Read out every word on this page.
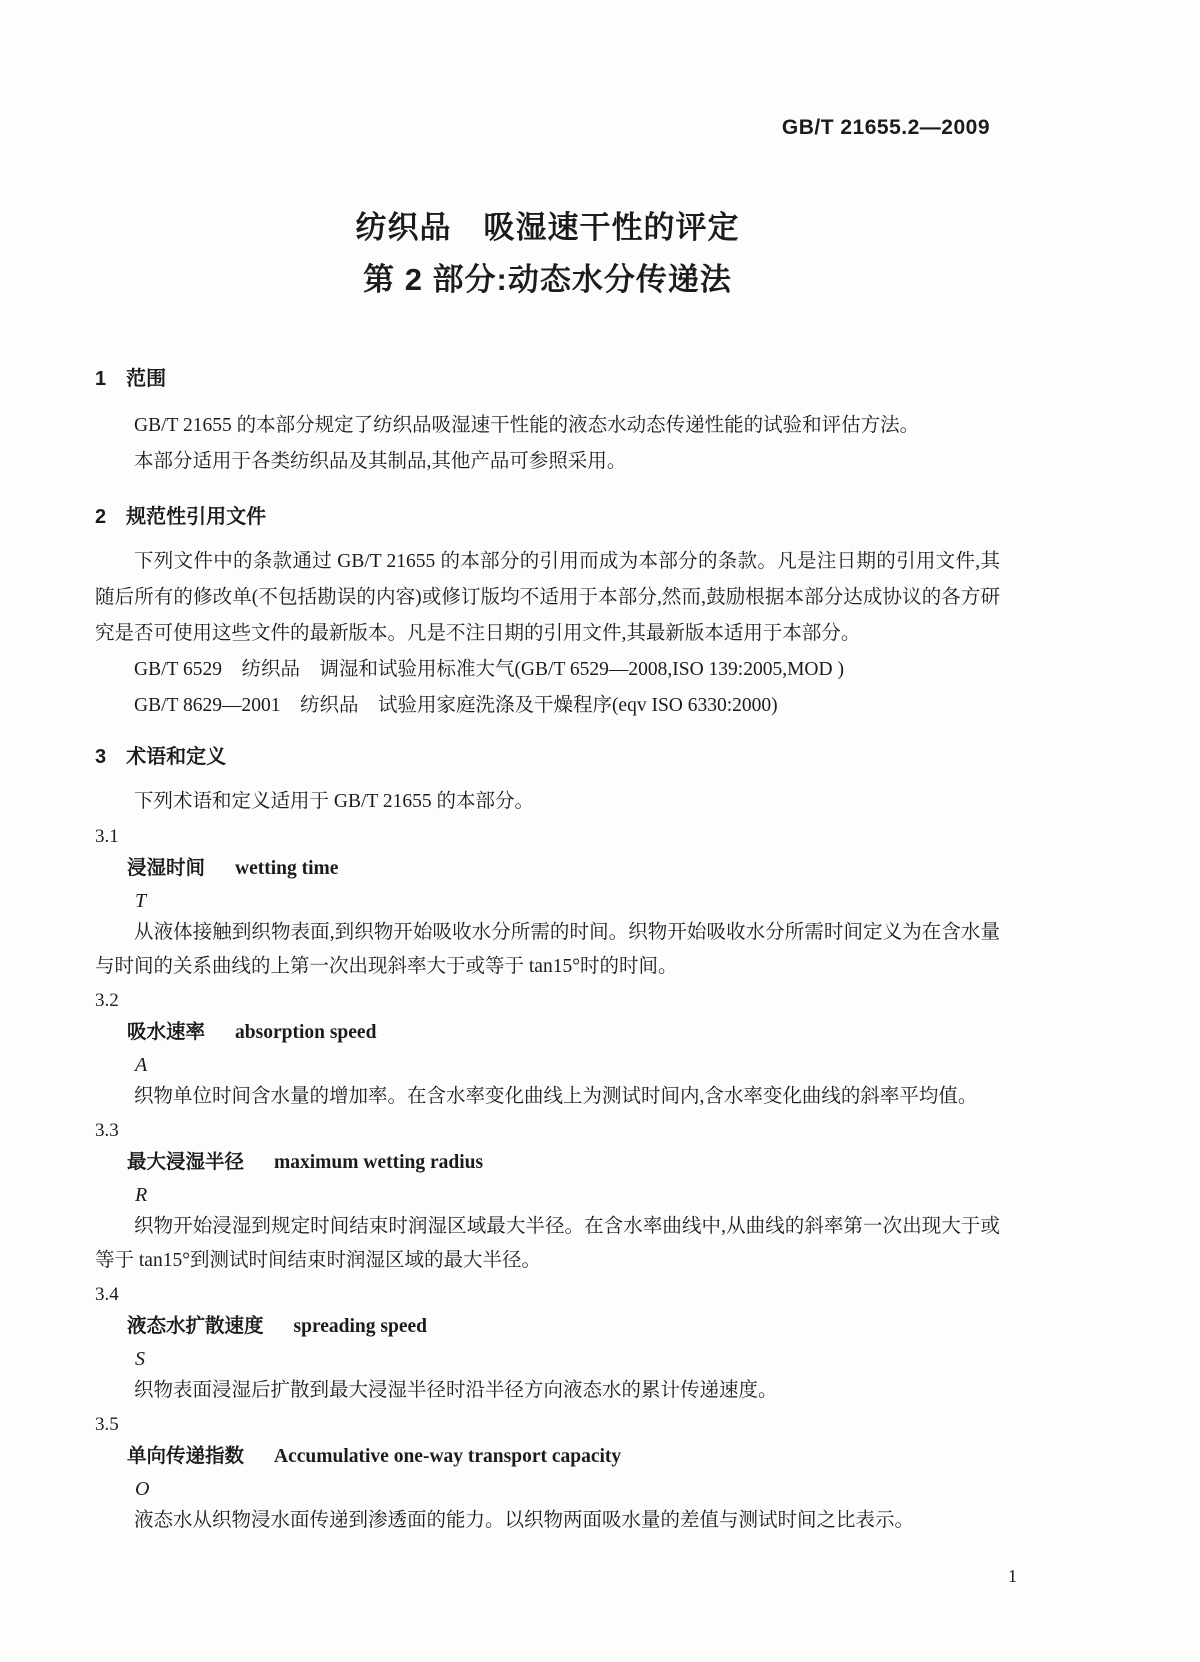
GB/T 21655.2—2009
纺织品　吸湿速干性的评定
第 2 部分:动态水分传递法
1　范围

GB/T 21655 的本部分规定了纺织品吸湿速干性能的液态水动态传递性能的试验和评估方法。

本部分适用于各类纺织品及其制品,其他产品可参照采用。

2　规范性引用文件

下列文件中的条款通过 GB/T 21655 的本部分的引用而成为本部分的条款。凡是注日期的引用文件,其随后所有的修改单(不包括勘误的内容)或修订版均不适用于本部分,然而,鼓励根据本部分达成协议的各方研究是否可使用这些文件的最新版本。凡是不注日期的引用文件,其最新版本适用于本部分。

GB/T 6529　纺织品　调湿和试验用标准大气(GB/T 6529—2008,ISO 139:2005,MOD )
GB/T 8629—2001　纺织品　试验用家庭洗涤及干燥程序(eqv ISO 6330:2000)
3　术语和定义

下列术语和定义适用于 GB/T 21655 的本部分。

3.1
浸湿时间 wetting time
T

从液体接触到织物表面,到织物开始吸收水分所需的时间。织物开始吸收水分所需时间定义为在含水量与时间的关系曲线的上第一次出现斜率大于或等于 tan15°时的时间。

3.2
吸水速率 absorption speed
A

织物单位时间含水量的增加率。在含水率变化曲线上为测试时间内,含水率变化曲线的斜率平均值。

3.3
最大浸湿半径 maximum wetting radius
R

织物开始浸湿到规定时间结束时润湿区域最大半径。在含水率曲线中,从曲线的斜率第一次出现大于或等于 tan15°到测试时间结束时润湿区域的最大半径。

3.4
液态水扩散速度 spreading speed
S

织物表面浸湿后扩散到最大浸湿半径时沿半径方向液态水的累计传递速度。

3.5
单向传递指数 Accumulative one-way transport capacity
O

液态水从织物浸水面传递到渗透面的能力。以织物两面吸水量的差值与测试时间之比表示。

1
